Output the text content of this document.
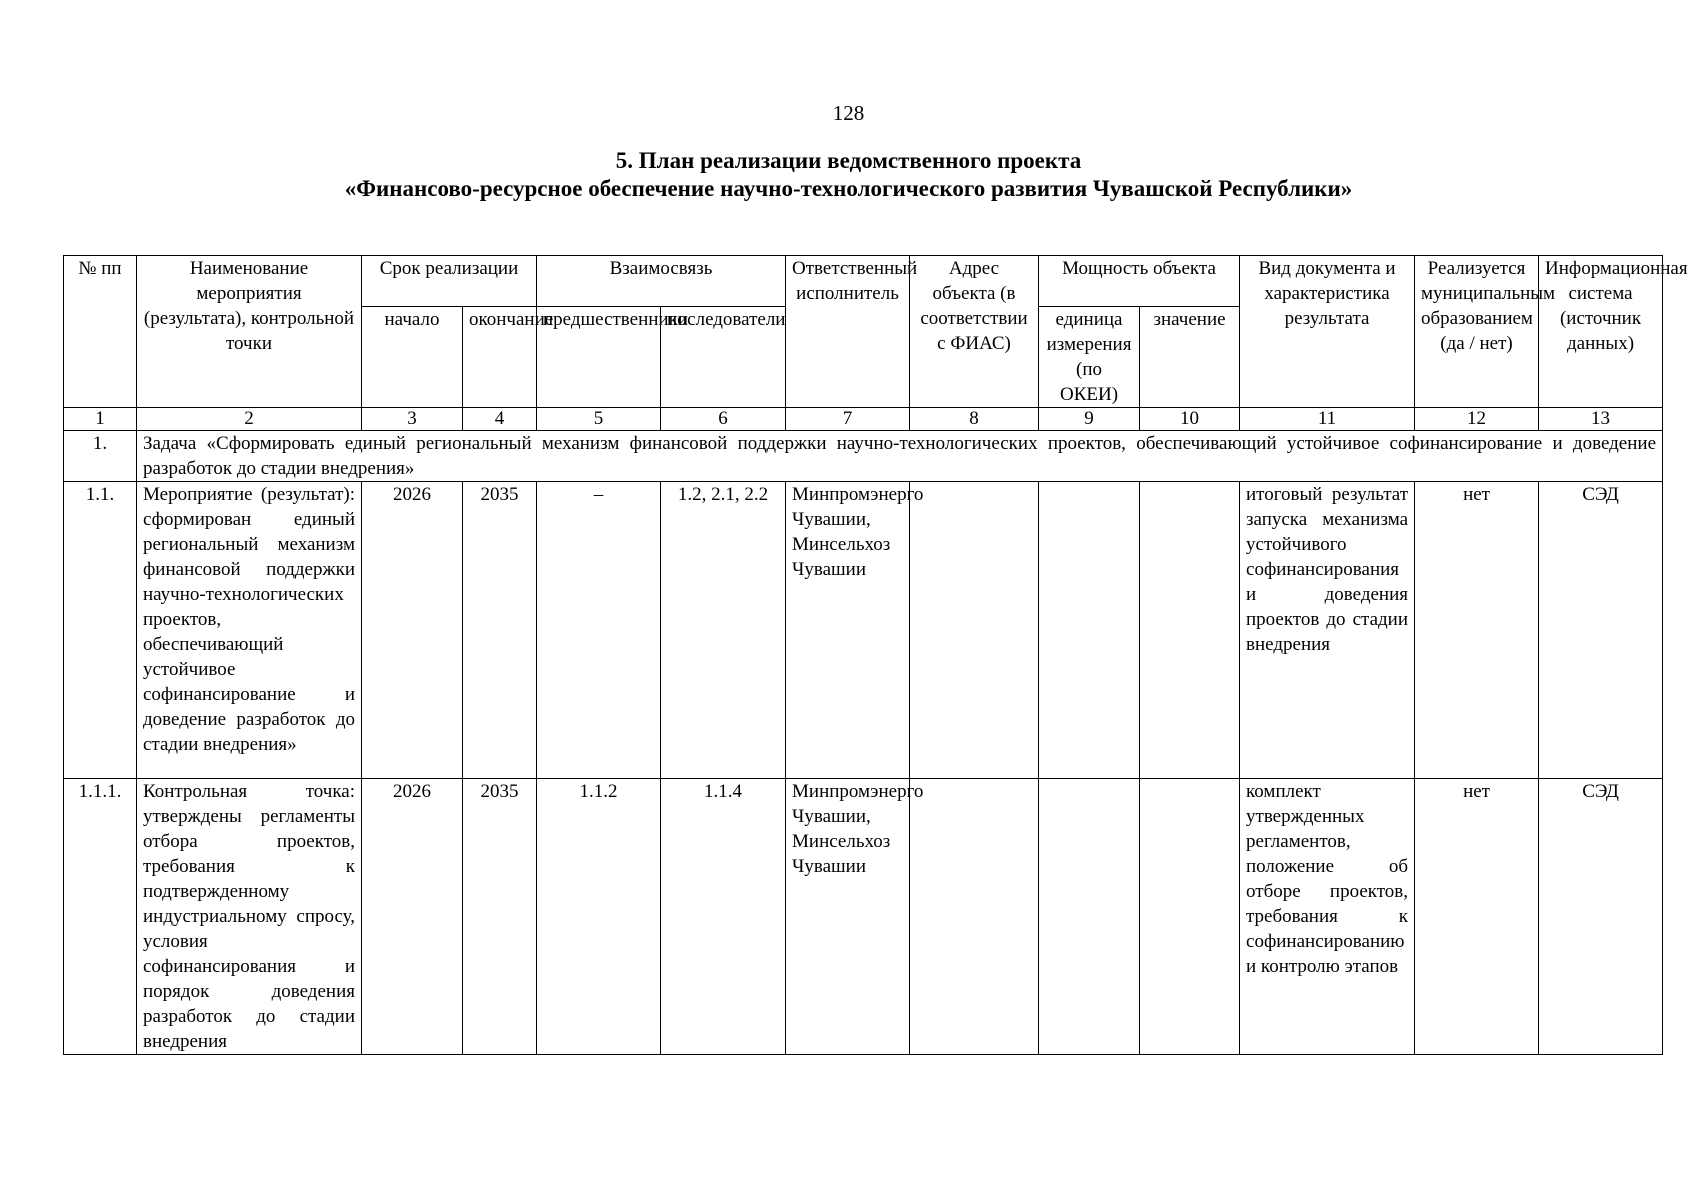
128
5. План реализации ведомственного проекта
«Финансово-ресурсное обеспечение научно-технологического развития Чувашской Республики»
№ пп	Наименование мероприятия (результата), контрольной точки	Срок реализации		Взаимосвязь		Ответственный исполнитель	Адрес объекта (в соответствии с ФИАС)	Мощность объекта		Вид документа и характеристика результата	Реализуется муниципальным образованием (да / нет)	Информационная система (источник данных)
		начало	окончание	предшественники	последователи			единица измерения (по ОКЕИ)	значение			
1	2	3	4	5	6	7	8	9	10	11	12	13
1.	Задача «Сформировать единый региональный механизм финансовой поддержки научно-технологических проектов, обеспечивающий устойчивое софинансирование и доведение разработок до стадии внедрения»											
1.1.	Мероприятие (результат): сформирован единый региональный механизм финансовой поддержки научно-технологических проектов, обеспечивающий устойчивое софинансирование и доведение разработок до стадии внедрения»	2026	2035	–	1.2, 2.1, 2.2	Минпромэнерго Чувашии, Минсельхоз Чувашии				итоговый результат запуска механизма устойчивого софинансирования и доведения проектов до стадии внедрения	нет	СЭД
1.1.1.	Контрольная точка: утверждены регламенты отбора проектов, требования к подтвержденному индустриальному спросу, условия софинансирования и порядок доведения разработок до стадии внедрения	2026	2035	1.1.2	1.1.4	Минпромэнерго Чувашии, Минсельхоз Чувашии				комплект утвержденных регламентов, положение об отборе проектов, требования к софинансированию и контролю этапов	нет	СЭД
